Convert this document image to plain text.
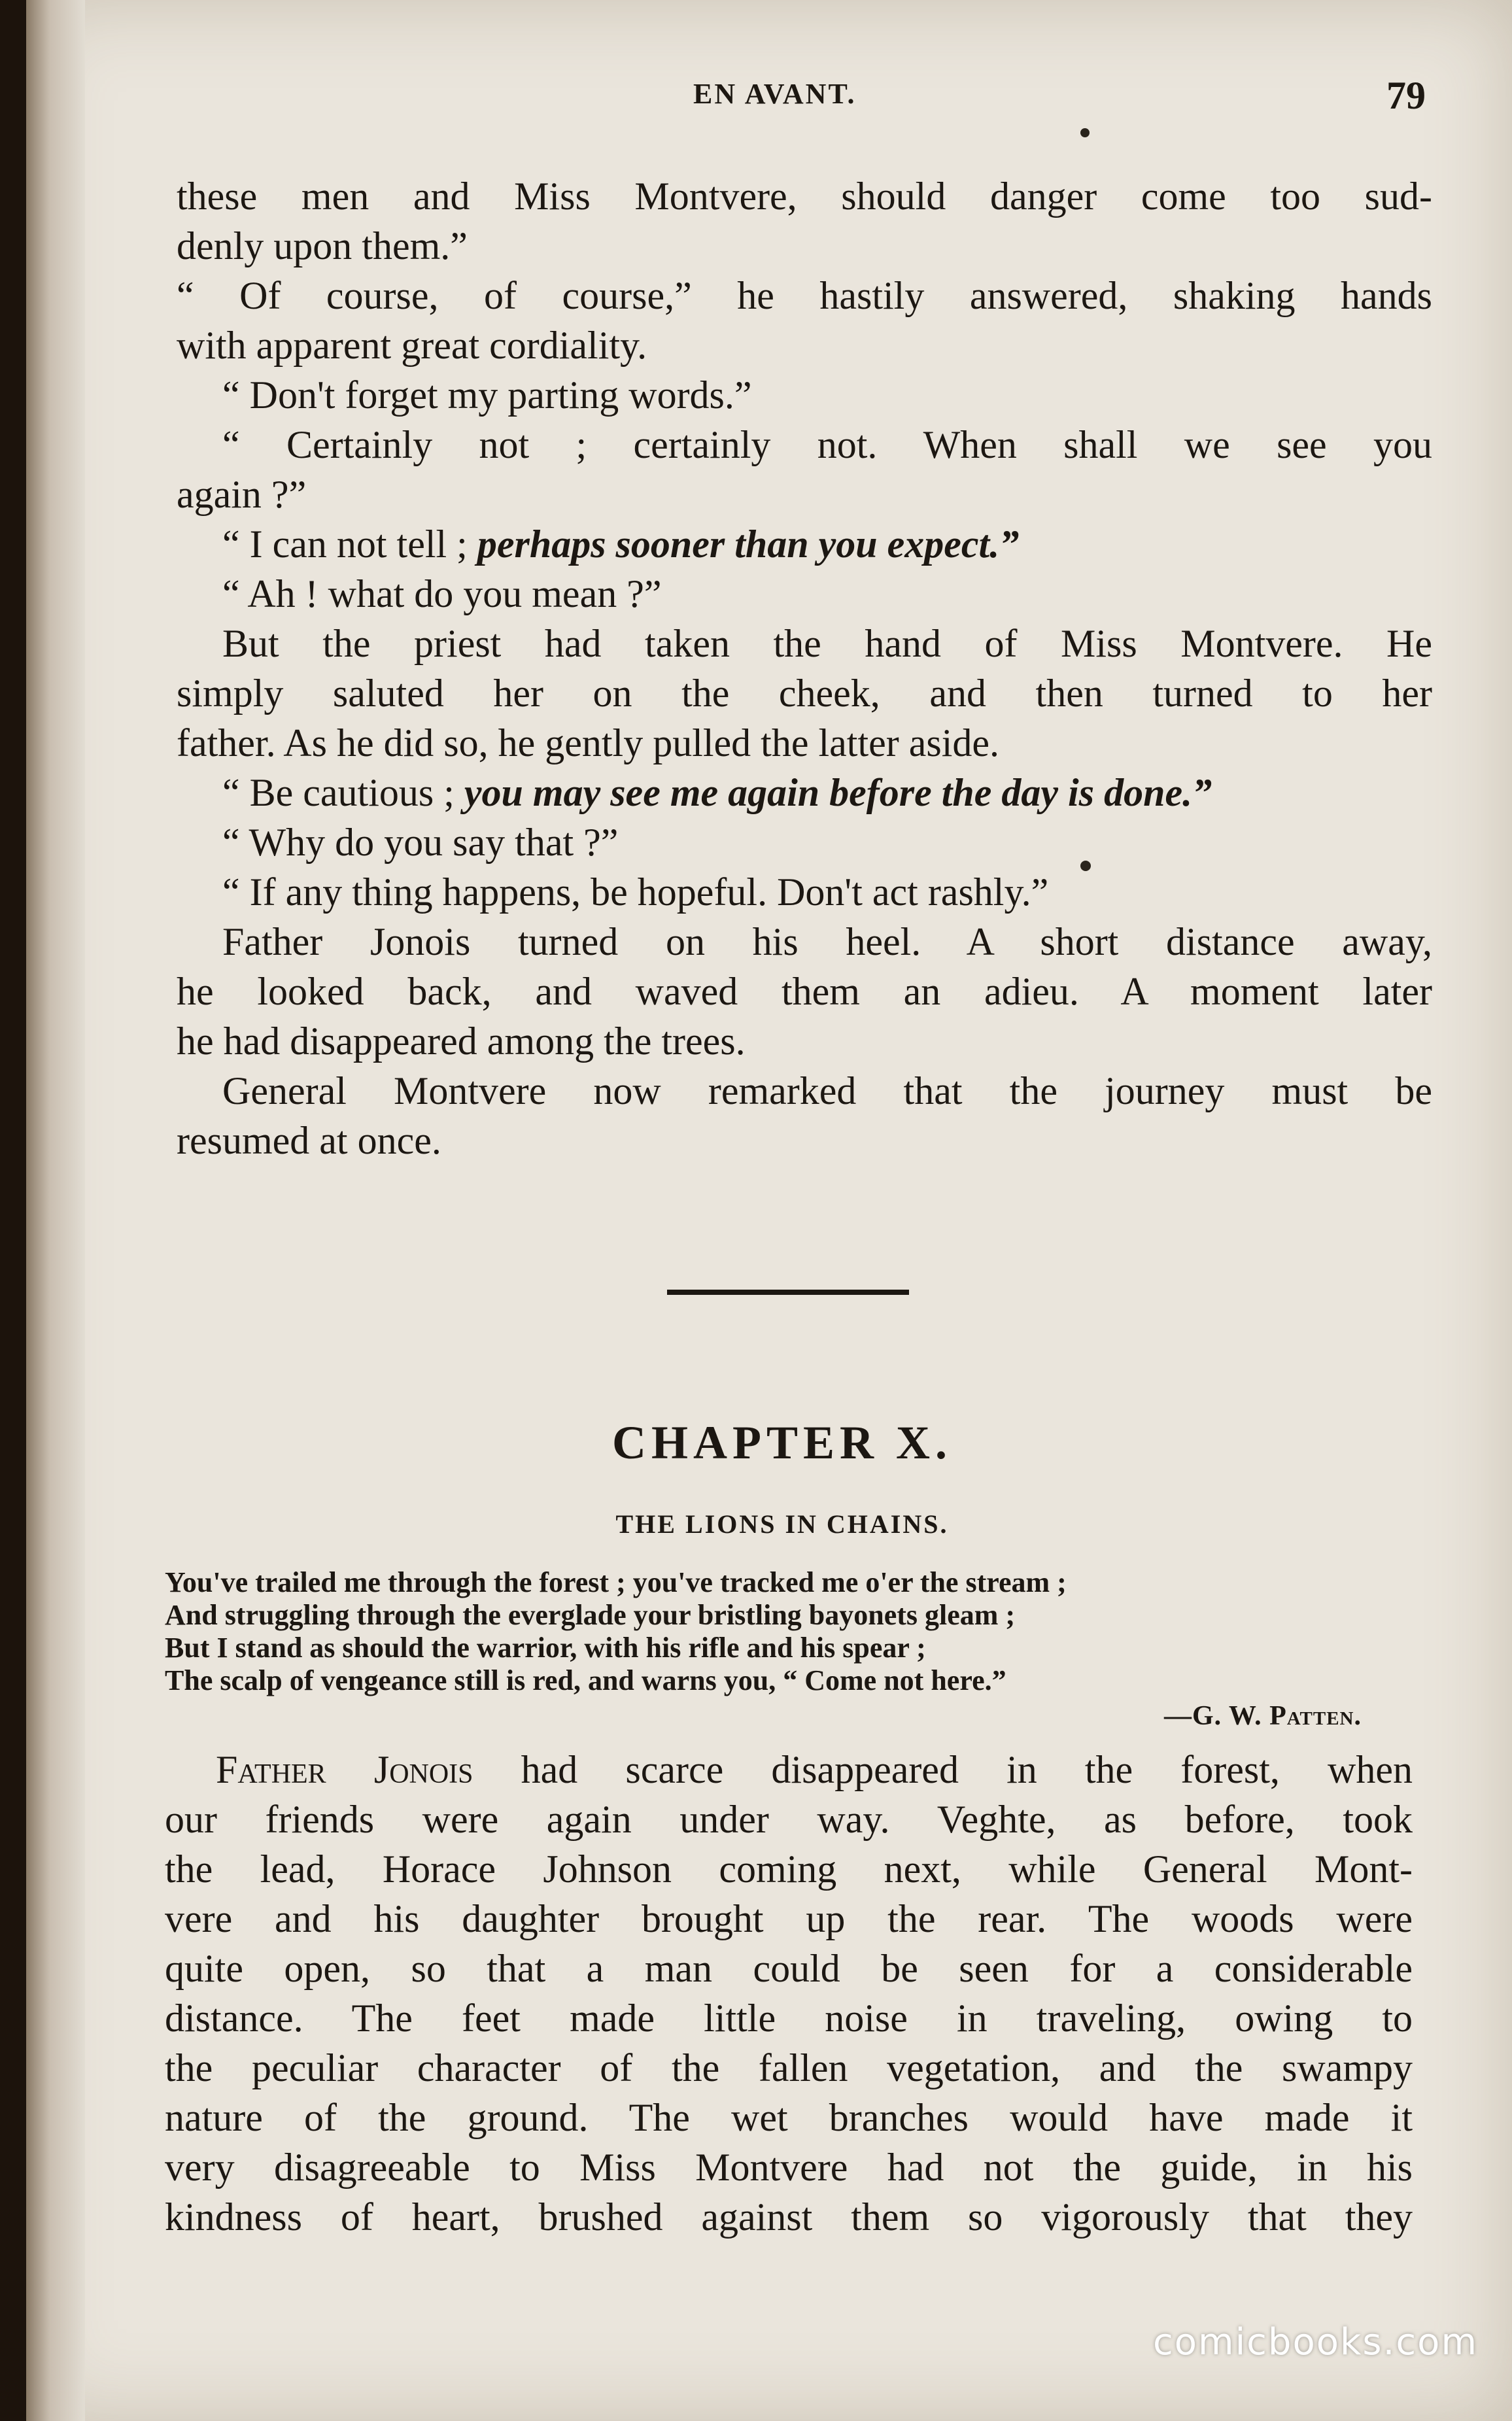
EN AVANT.	79
these men and Miss Montvere, should danger come too sud-
denly upon them.”
“ Of course, of course,” he hastily answered, shaking hands
with apparent great cordiality.
“ Don't forget my parting words.”
“ Certainly not ; certainly not. When shall we see you
again ?”
“ I can not tell ; perhaps sooner than you expect.”
“ Ah ! what do you mean ?”
But the priest had taken the hand of Miss Montvere. He
simply saluted her on the cheek, and then turned to her
father. As he did so, he gently pulled the latter aside.
“ Be cautious ; you may see me again before the day is done.”
“ Why do you say that ?”
“ If any thing happens, be hopeful. Don't act rashly.”
Father Jonois turned on his heel. A short distance away,
he looked back, and waved them an adieu. A moment later
he had disappeared among the trees.
General Montvere now remarked that the journey must be
resumed at once.
CHAPTER X.
THE LIONS IN CHAINS.
You've trailed me through the forest ; you've tracked me o'er the stream ;
And struggling through the everglade your bristling bayonets gleam ;
But I stand as should the warrior, with his rifle and his spear ;
The scalp of vengeance still is red, and warns you, “ Come not here.”
—G. W. Patten.
Father Jonois had scarce disappeared in the forest, when
our friends were again under way. Veghte, as before, took
the lead, Horace Johnson coming next, while General Mont-
vere and his daughter brought up the rear. The woods were
quite open, so that a man could be seen for a considerable
distance. The feet made little noise in traveling, owing to
the peculiar character of the fallen vegetation, and the swampy
nature of the ground. The wet branches would have made it
very disagreeable to Miss Montvere had not the guide, in his
kindness of heart, brushed against them so vigorously that they
comicbooks.com
